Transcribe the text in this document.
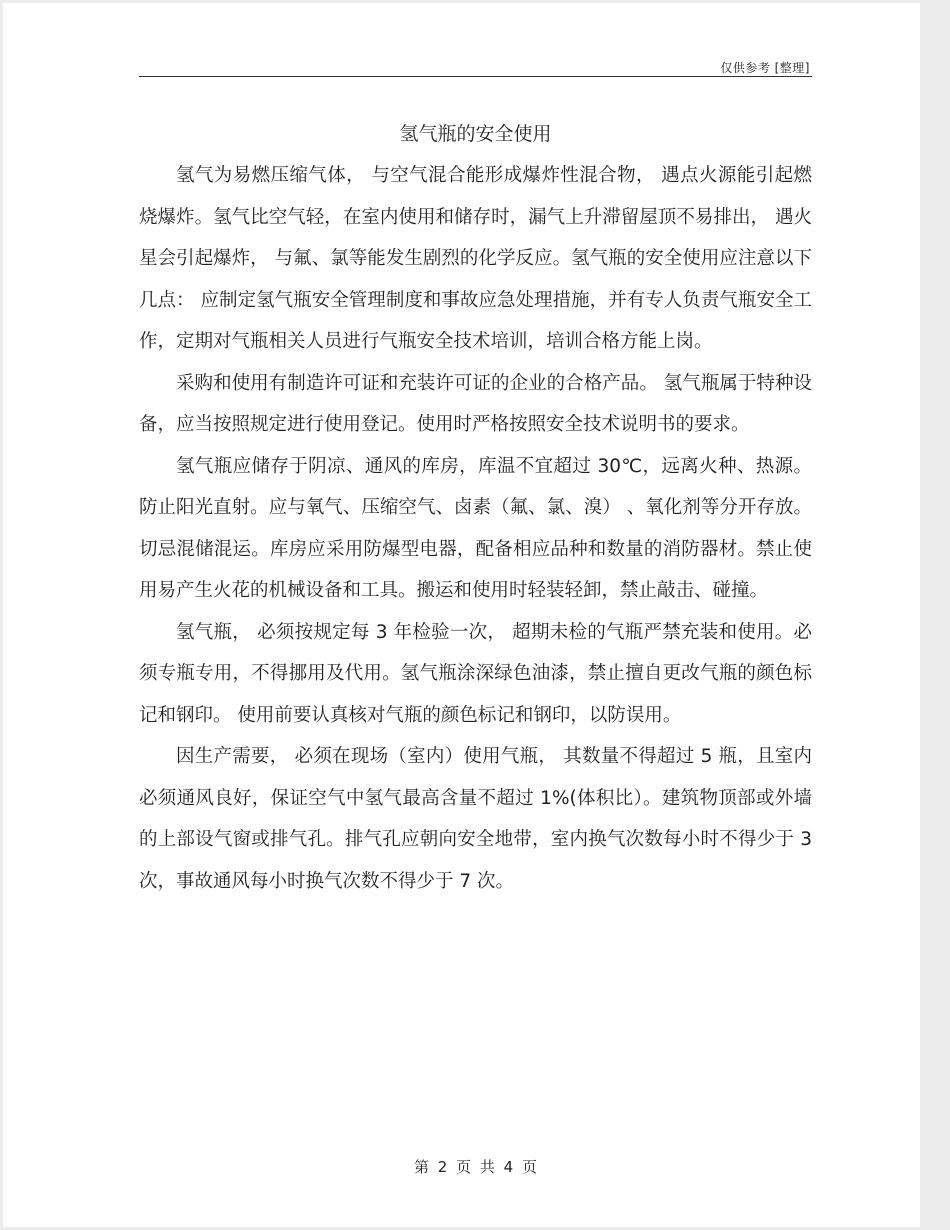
仅供参考 [整理]
氢气瓶的安全使用

氢气为易燃压缩气体， 与空气混合能形成爆炸性混合物， 遇点火源能引起燃烧爆炸。氢气比空气轻，在室内使用和储存时，漏气上升滞留屋顶不易排出， 遇火星会引起爆炸， 与氟、氯等能发生剧烈的化学反应。氢气瓶的安全使用应注意以下几点： 应制定氢气瓶安全管理制度和事故应急处理措施，并有专人负责气瓶安全工作，定期对气瓶相关人员进行气瓶安全技术培训，培训合格方能上岗。

采购和使用有制造许可证和充装许可证的企业的合格产品。 氢气瓶属于特种设备，应当按照规定进行使用登记。使用时严格按照安全技术说明书的要求。

氢气瓶应储存于阴凉、通风的库房，库温不宜超过 30℃，远离火种、热源。防止阳光直射。应与氧气、压缩空气、卤素（氟、氯、溴） 、氧化剂等分开存放。切忌混储混运。库房应采用防爆型电器，配备相应品种和数量的消防器材。禁止使用易产生火花的机械设备和工具。搬运和使用时轻装轻卸，禁止敲击、碰撞。

氢气瓶， 必须按规定每 3 年检验一次， 超期未检的气瓶严禁充装和使用。必须专瓶专用，不得挪用及代用。氢气瓶涂深绿色油漆，禁止擅自更改气瓶的颜色标记和钢印。 使用前要认真核对气瓶的颜色标记和钢印，以防误用。

因生产需要， 必须在现场（室内）使用气瓶， 其数量不得超过 5 瓶，且室内必须通风良好，保证空气中氢气最高含量不超过 1%(体积比）。建筑物顶部或外墙的上部设气窗或排气孔。排气孔应朝向安全地带，室内换气次数每小时不得少于 3 次，事故通风每小时换气次数不得少于 7 次。

第 2 页 共 4 页
